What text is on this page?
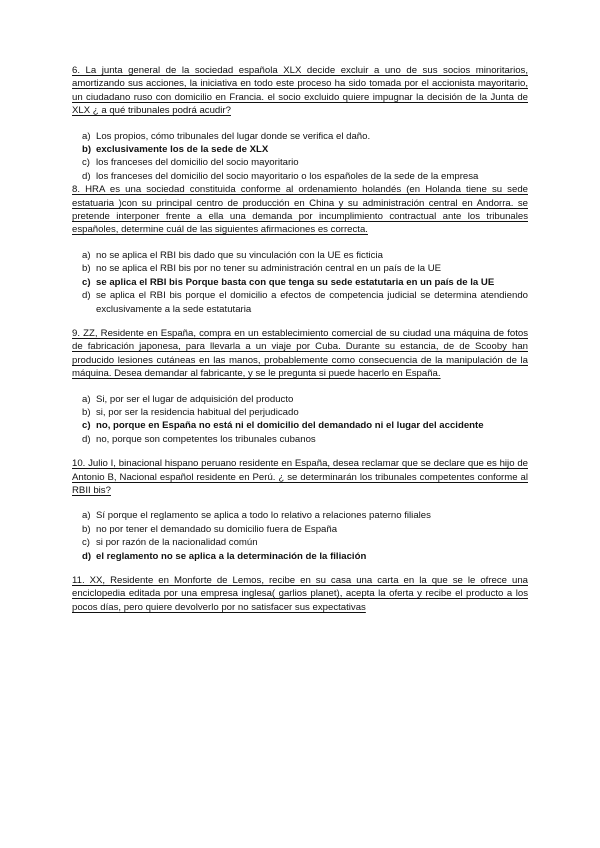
6. La junta general de la sociedad española XLX decide excluir a uno de sus socios minoritarios, amortizando sus acciones, la iniciativa en todo este proceso ha sido tomada por el accionista mayoritario, un ciudadano ruso con domicilio en Francia. el socio excluido quiere impugnar la decisión de la Junta de XLX ¿ a qué tribunales podrá acudir?

a) Los propios, cómo tribunales del lugar donde se verifica el daño.
b) exclusivamente los de la sede de XLX
c) los franceses del domicilio del socio mayoritario
d) los franceses del domicilio del socio mayoritario o los españoles de la sede de la empresa

8. HRA es una sociedad constituida conforme al ordenamiento holandés (en Holanda tiene su sede estatuaria )con su principal centro de producción en China y su administración central en Andorra. se pretende interponer frente a ella una demanda por incumplimiento contractual ante los tribunales españoles, determine cuál de las siguientes afirmaciones es correcta.

a) no se aplica el RBI bis dado que su vinculación con la UE es ficticia
b) no se aplica el RBI bis por no tener su administración central en un país de la UE
c) se aplica el RBI bis Porque basta con que tenga su sede estatutaria en un país de la UE
d) se aplica el RBI bis porque el domicilio a efectos de competencia judicial se determina atendiendo exclusivamente a la sede estatutaria

9. ZZ, Residente en España, compra en un establecimiento comercial de su ciudad una máquina de fotos de fabricación japonesa, para llevarla a un viaje por Cuba. Durante su estancia, de de Scooby han producido lesiones cutáneas en las manos, probablemente como consecuencia de la manipulación de la máquina. Desea demandar al fabricante, y se le pregunta si puede hacerlo en España.

a) Si, por ser el lugar de adquisición del producto
b) si, por ser la residencia habitual del perjudicado
c) no, porque en España no está ni el domicilio del demandado ni el lugar del accidente
d) no, porque son competentes los tribunales cubanos

10. Julio I, binacional hispano peruano residente en España, desea reclamar que se declare que es hijo de Antonio B, Nacional español residente en Perú. ¿ se determinarán los tribunales competentes conforme al RBII bis?

a) Sí porque el reglamento se aplica a todo lo relativo a relaciones paterno filiales
b) no por tener el demandado su domicilio fuera de España
c) si por razón de la nacionalidad común
d) el reglamento no se aplica a la determinación de la filiación

11. XX, Residente en Monforte de Lemos, recibe en su casa una carta en la que se le ofrece una enciclopedia editada por una empresa inglesa( garlios planet), acepta la oferta y recibe el producto a los pocos días, pero quiere devolverlo por no satisfacer sus expectativas
